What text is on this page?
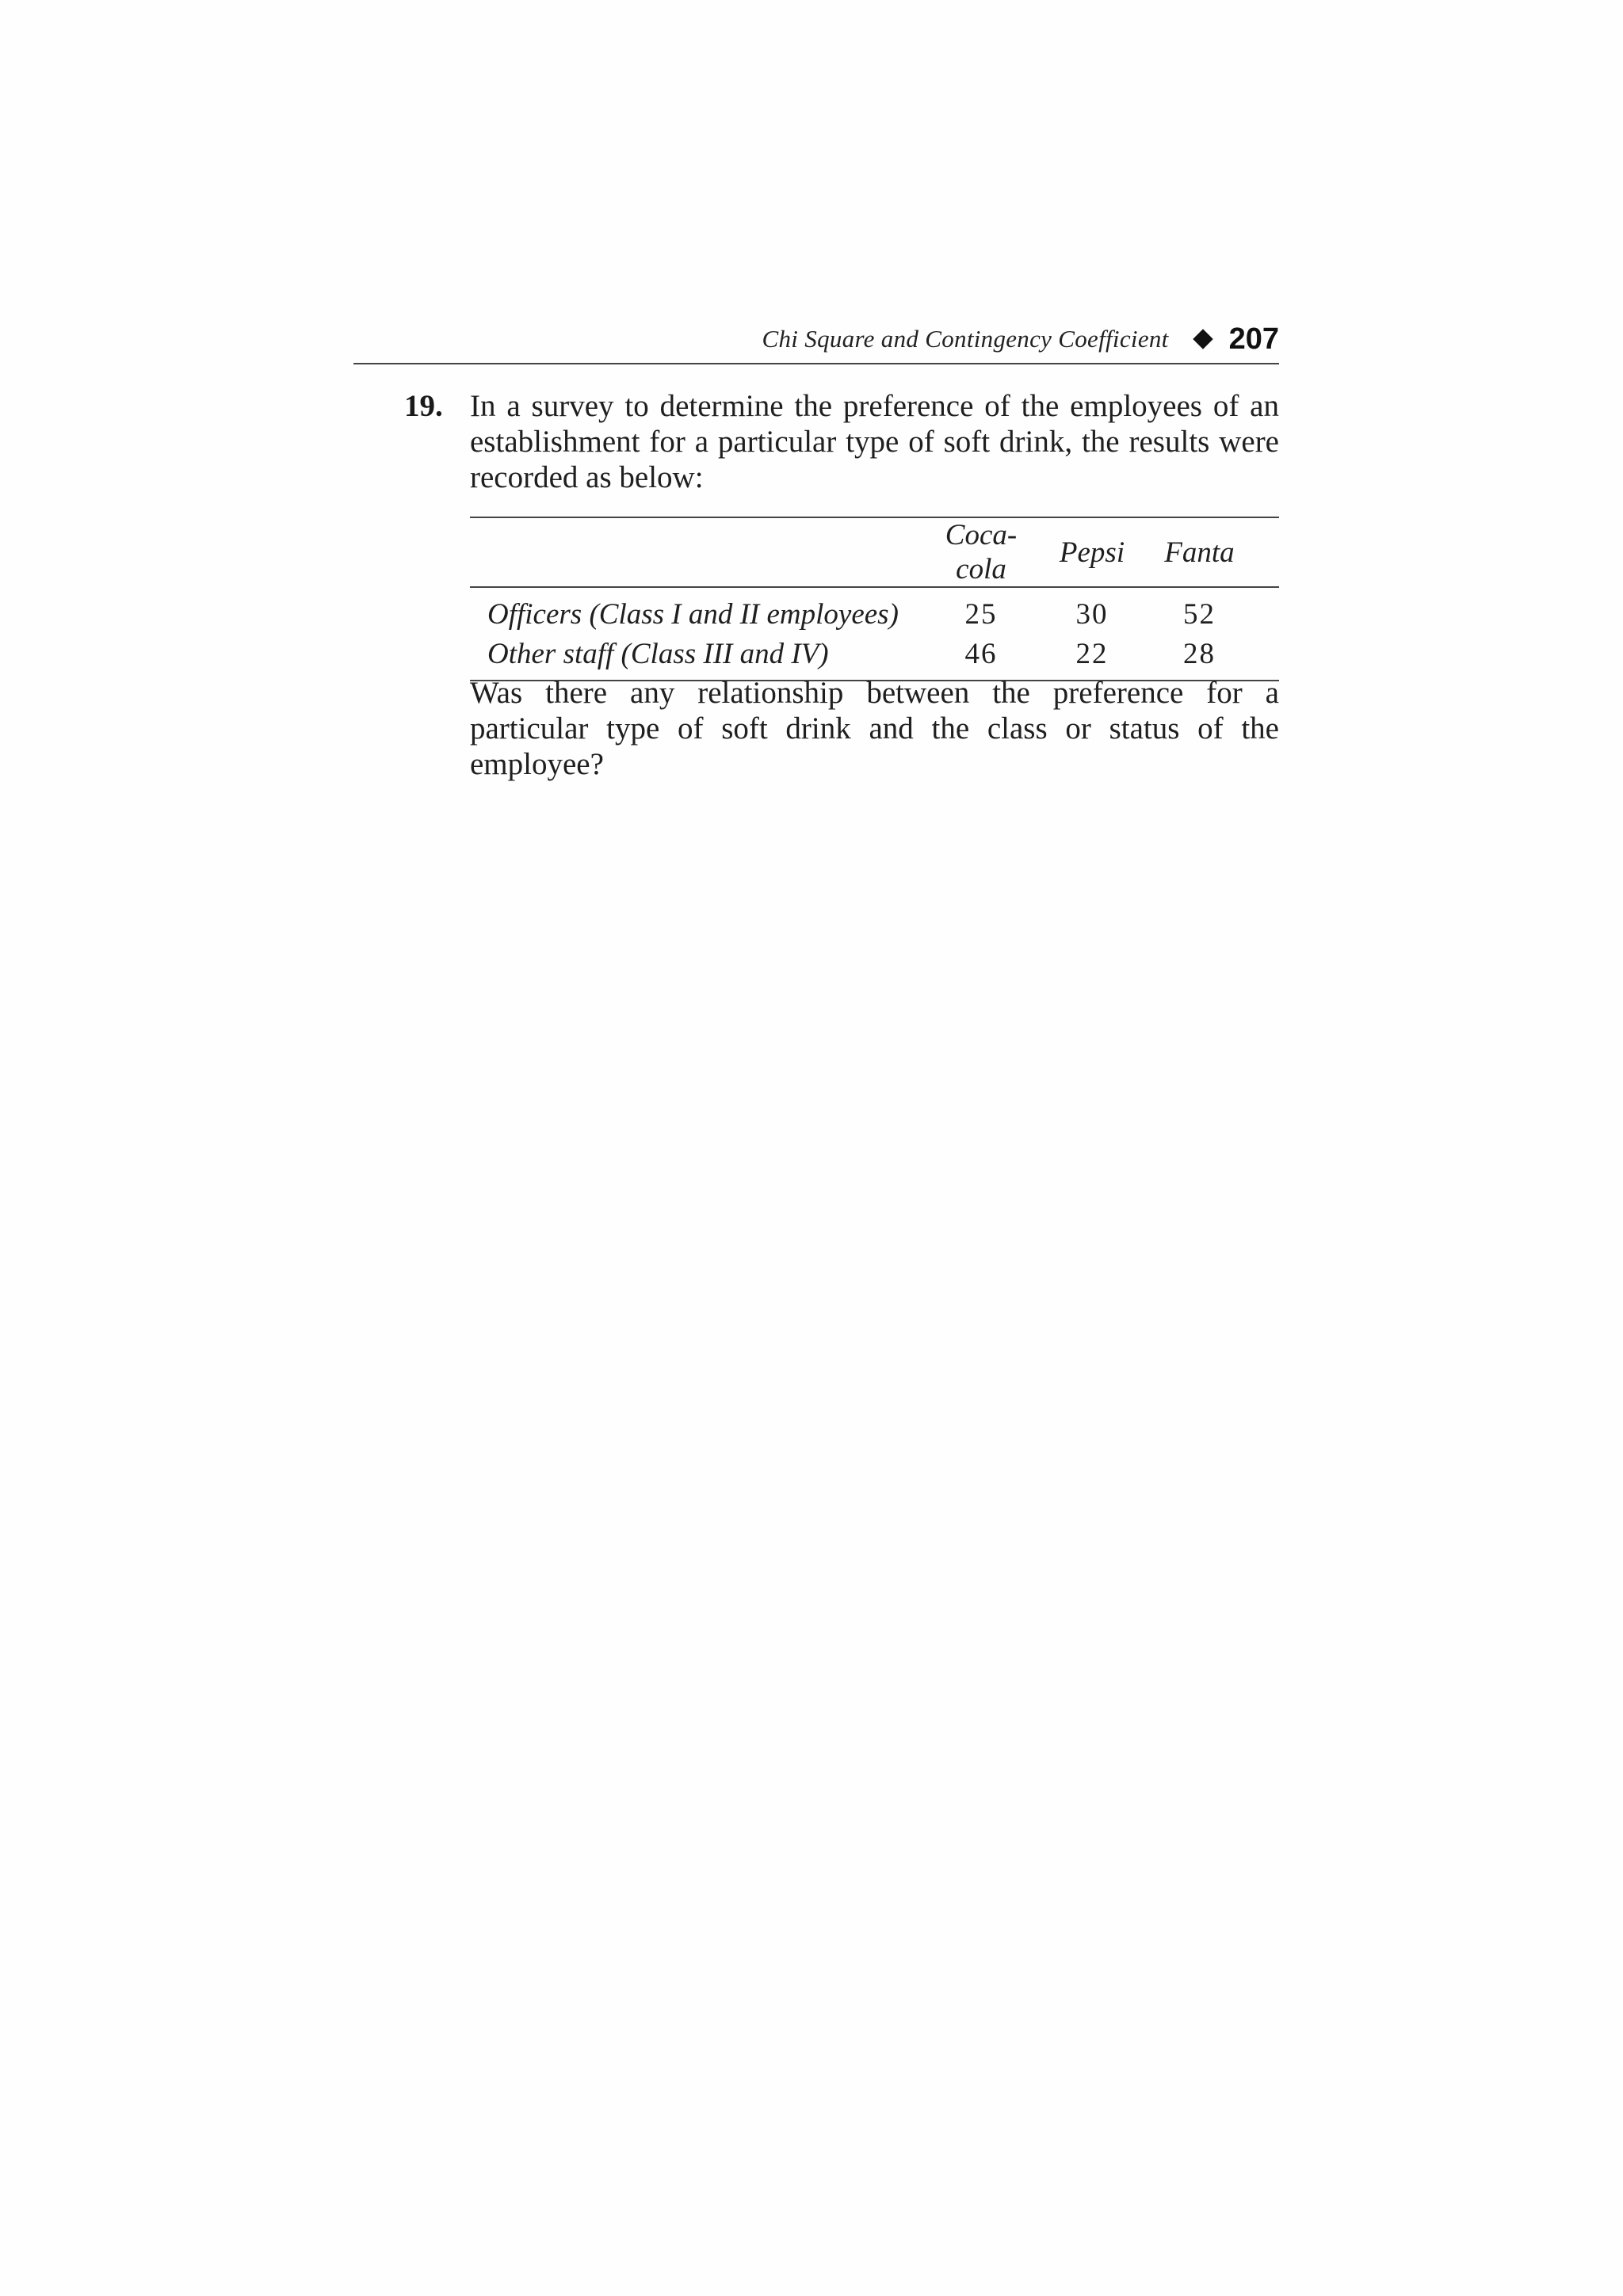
Chi Square and Contingency Coefficient 207
19. In a survey to determine the preference of the employees of an establishment for a particular type of soft drink, the results were recorded as below:

	Coca-cola	Pepsi	Fanta
Officers (Class I and II employees)	25	30	52
Other staff (Class III and IV)	46	22	28

Was there any relationship between the preference for a particular type of soft drink and the class or status of the employee?
